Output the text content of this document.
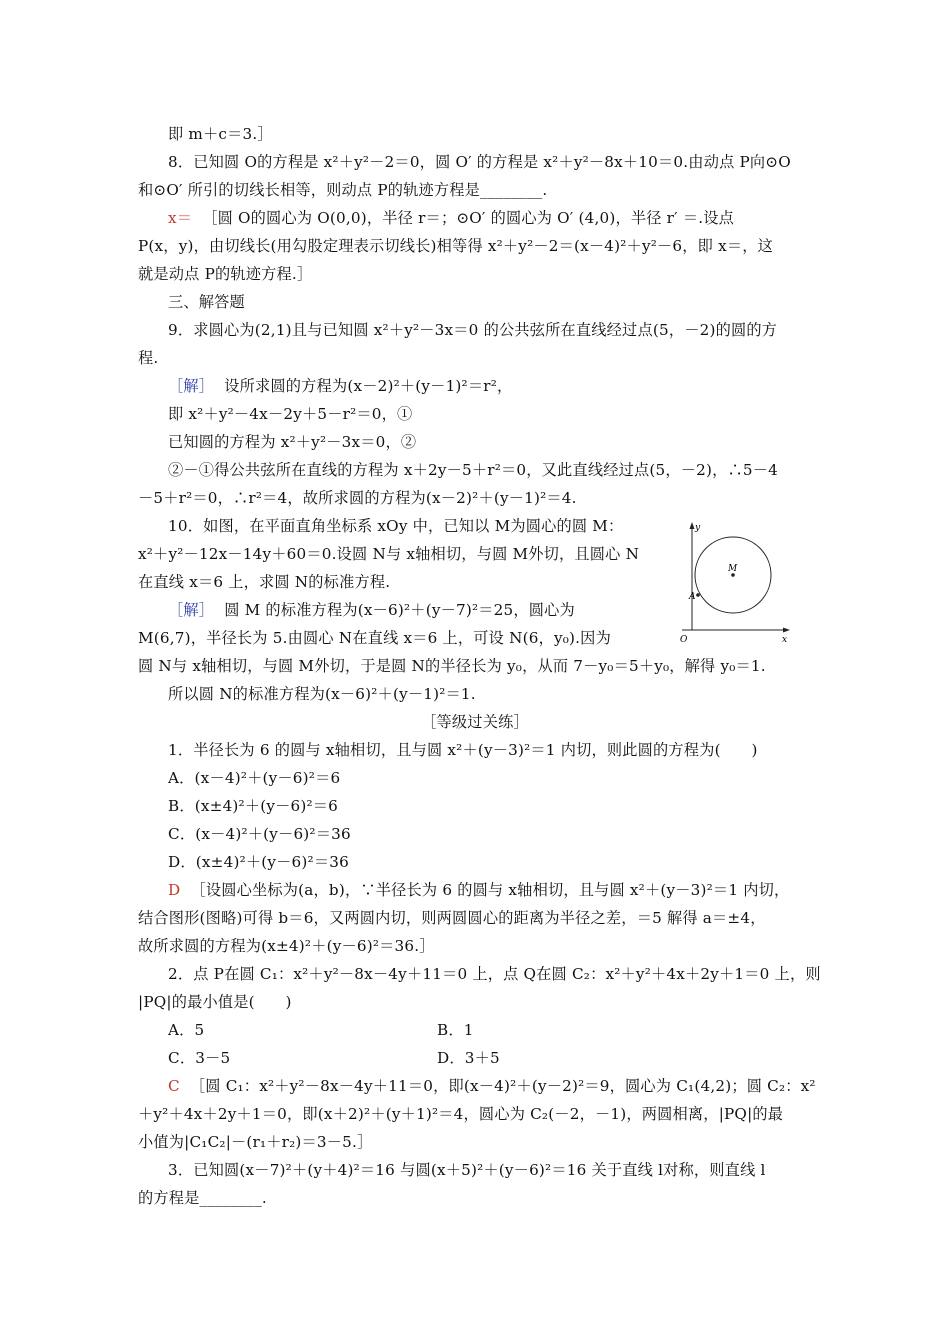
即 m＋c＝3.］
8．已知圆 O的方程是 x²＋y²－2＝0，圆 O′ 的方程是 x²＋y²－8x＋10＝0.由动点 P向⊙O
和⊙O′ 所引的切线长相等，则动点 P的轨迹方程是________.
x＝ ［圆 O的圆心为 O(0,0)，半径 r＝；⊙O′ 的圆心为 O′ (4,0)，半径 r′ ＝.设点
P(x，y)，由切线长(用勾股定理表示切线长)相等得 x²＋y²－2＝(x－4)²＋y²－6，即 x＝，这
就是动点 P的轨迹方程.］
三、解答题
9．求圆心为(2,1)且与已知圆 x²＋y²－3x＝0 的公共弦所在直线经过点(5，－2)的圆的方
程.
［解］ 设所求圆的方程为(x－2)²＋(y－1)²＝r²，
即 x²＋y²－4x－2y＋5－r²＝0，①
已知圆的方程为 x²＋y²－3x＝0，②
②－①得公共弦所在直线的方程为 x＋2y－5＋r²＝0，又此直线经过点(5，－2)，∴5－4
－5＋r²＝0，∴r²＝4，故所求圆的方程为(x－2)²＋(y－1)²＝4.
10．如图，在平面直角坐标系 xOy 中，已知以 M为圆心的圆 M：
x²＋y²－12x－14y＋60＝0.设圆 N与 x轴相切，与圆 M外切，且圆心 N
在直线 x＝6 上，求圆 N的标准方程.
［解］ 圆 M 的标准方程为(x－6)²＋(y－7)²＝25，圆心为
M(6,7)，半径长为 5.由圆心 N在直线 x＝6 上，可设 N(6，y₀).因为
圆 N与 x轴相切，与圆 M外切，于是圆 N的半径长为 y₀，从而 7－y₀＝5＋y₀，解得 y₀＝1.
所以圆 N的标准方程为(x－6)²＋(y－1)²＝1.
y
x
O
M
A
［等级过关练］
1．半径长为 6 的圆与 x轴相切，且与圆 x²＋(y－3)²＝1 内切，则此圆的方程为(　　)
A．(x－4)²＋(y－6)²＝6
B．(x±4)²＋(y－6)²＝6
C．(x－4)²＋(y－6)²＝36
D．(x±4)²＋(y－6)²＝36
D ［设圆心坐标为(a，b)，∵半径长为 6 的圆与 x轴相切，且与圆 x²＋(y－3)²＝1 内切，
结合图形(图略)可得 b＝6，又两圆内切，则两圆圆心的距离为半径之差，＝5 解得 a＝±4，
故所求圆的方程为(x±4)²＋(y－6)²＝36.］
2．点 P在圆 C₁：x²＋y²－8x－4y＋11＝0 上，点 Q在圆 C₂：x²＋y²＋4x＋2y＋1＝0 上，则
|PQ|的最小值是(　　)
A．5	B．1
C．3－5	D．3＋5
C ［圆 C₁：x²＋y²－8x－4y＋11＝0，即(x－4)²＋(y－2)²＝9，圆心为 C₁(4,2)；圆 C₂：x²
＋y²＋4x＋2y＋1＝0，即(x＋2)²＋(y＋1)²＝4，圆心为 C₂(－2，－1)，两圆相离，|PQ|的最
小值为|C₁C₂|－(r₁＋r₂)＝3－5.］
3．已知圆(x－7)²＋(y＋4)²＝16 与圆(x＋5)²＋(y－6)²＝16 关于直线 l对称，则直线 l
的方程是________.
